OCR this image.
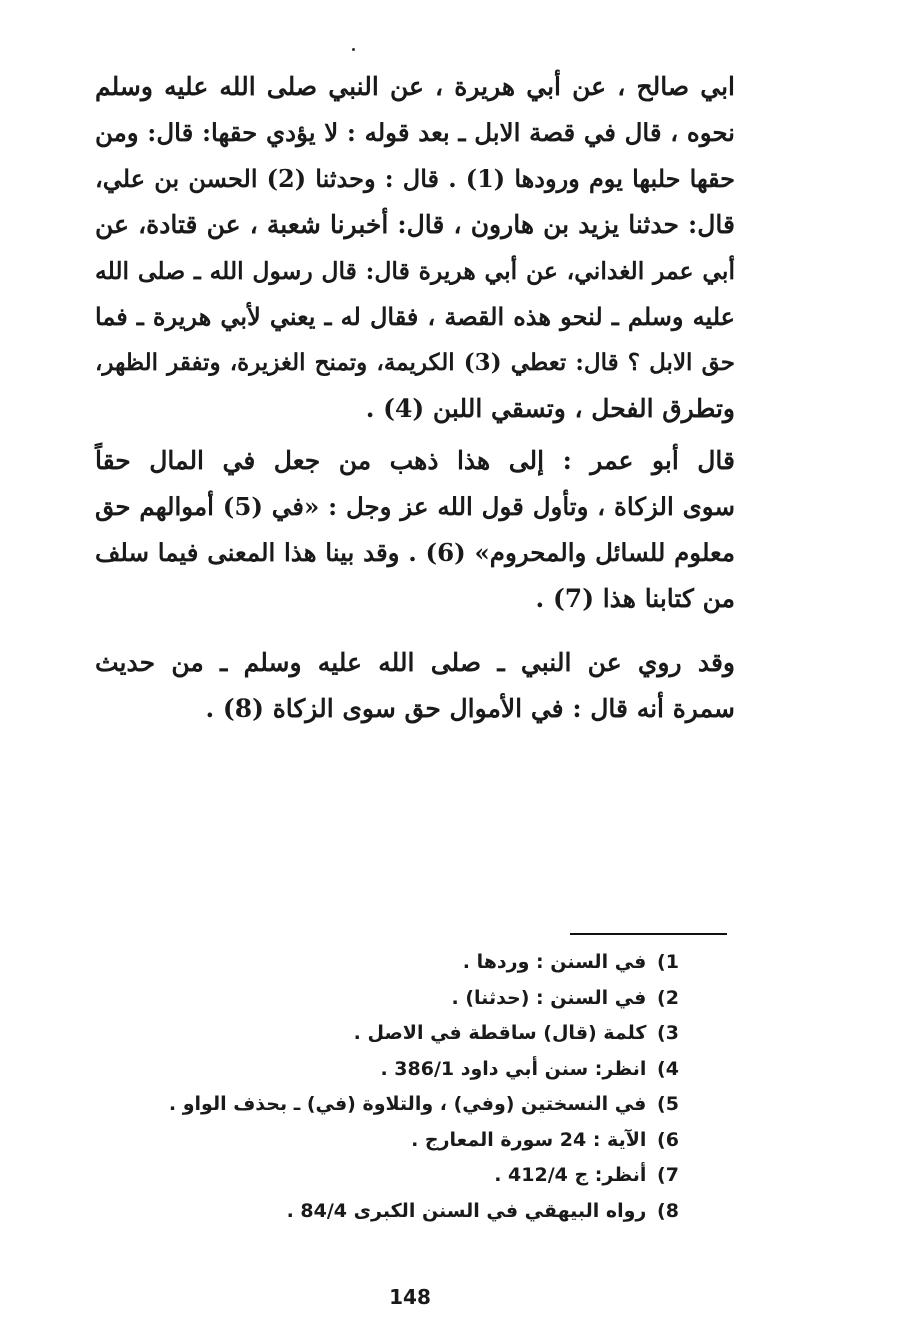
ابي صالح ، عن أبي هريرة ، عن النبي صلى الله عليه وسلم
نحوه ، قال في قصة الابل ـ بعد قوله : لا يؤدي حقها: قال: ومن
حقها حلبها يوم ورودها (1) . قال : وحدثنا (2) الحسن بن علي،
قال: حدثنا يزيد بن هارون ، قال: أخبرنا شعبة ، عن قتادة، عن
أبي عمر الغداني، عن أبي هريرة قال: قال رسول الله ـ صلى الله
عليه وسلم ـ لنحو هذه القصة ، فقال له ـ يعني لأبي هريرة ـ فما
حق الابل ؟ قال: تعطي (3) الكريمة، وتمنح الغزيرة، وتفقر الظهر،
وتطرق الفحل ، وتسقي اللبن (4) .
قال أبو عمر : إلى هذا ذهب من جعل في المال حقاً
سوى الزكاة ، وتأول قول الله عز وجل : «في (5) أموالهم حق
معلوم للسائل والمحروم» (6) . وقد بينا هذا المعنى فيما سلف
من كتابنا هذا (7) .
وقد روي عن النبي ـ صلى الله عليه وسلم ـ من حديث
سمرة أنه قال : في الأموال حق سوى الزكاة (8) .
1) في السنن : وردها .
2) في السنن : (حدثنا) .
3) كلمة (قال) ساقطة في الاصل .
4) انظر: سنن أبي داود 386/1 .
5) في النسختين (وفي) ، والتلاوة (في) ـ بحذف الواو .
6) الآية : 24 سورة المعارج .
7) أنظر: ج 412/4 .
8) رواه البيهقي في السنن الكبرى 84/4 .
148
